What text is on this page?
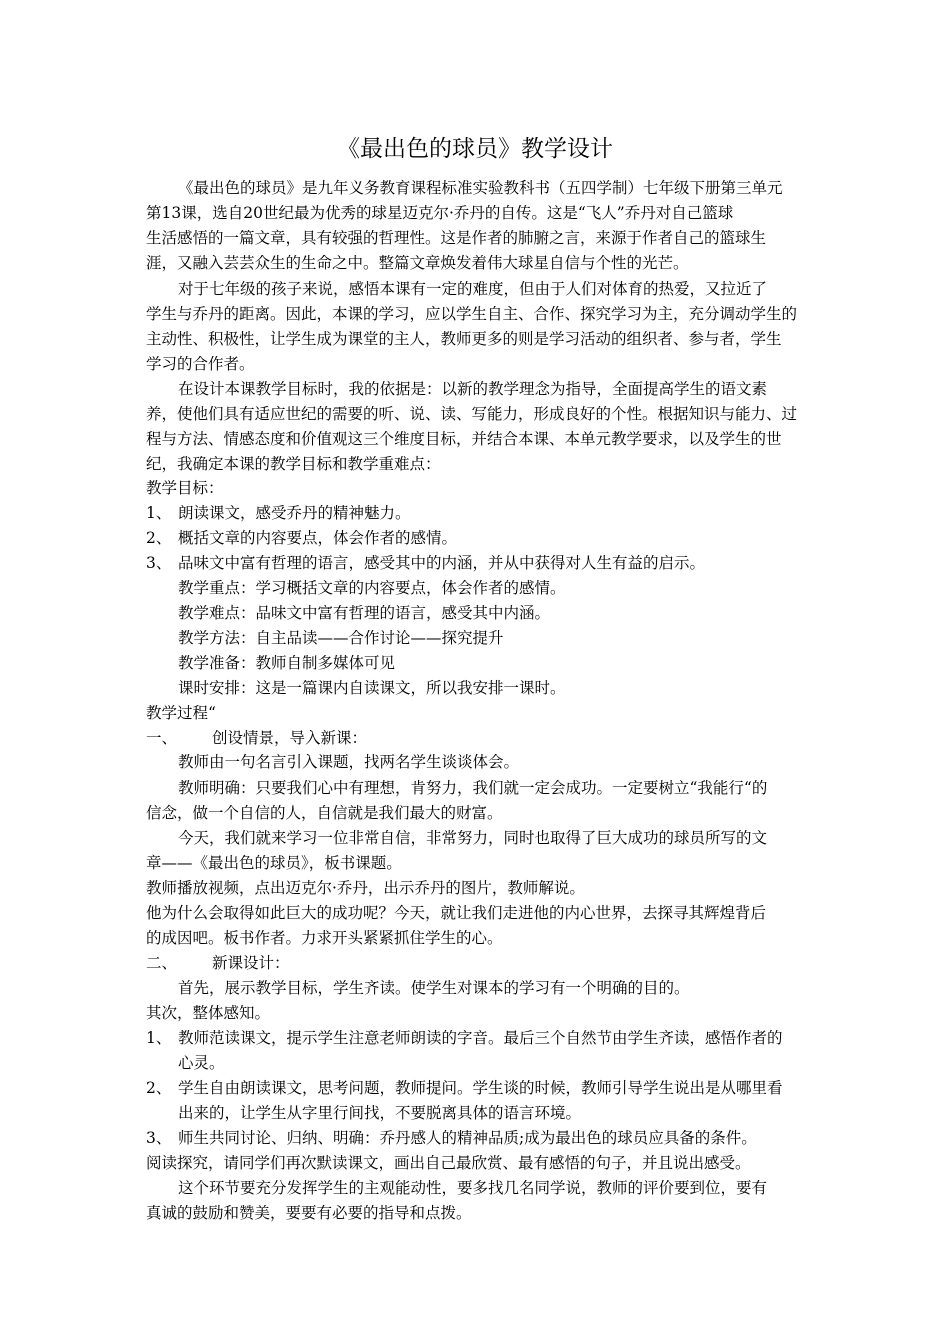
《最出色的球员》教学设计
《最出色的球员》是九年义务教育课程标准实验教科书（五四学制）七年级下册第三单元
第13课，选自20世纪最为优秀的球星迈克尔·乔丹的自传。这是“飞人”乔丹对自己篮球
生活感悟的一篇文章，具有较强的哲理性。这是作者的肺腑之言，来源于作者自己的篮球生
涯，又融入芸芸众生的生命之中。整篇文章焕发着伟大球星自信与个性的光芒。
对于七年级的孩子来说，感悟本课有一定的难度，但由于人们对体育的热爱，又拉近了
学生与乔丹的距离。因此，本课的学习，应以学生自主、合作、探究学习为主，充分调动学生的
主动性、积极性，让学生成为课堂的主人，教师更多的则是学习活动的组织者、参与者，学生
学习的合作者。
在设计本课教学目标时，我的依据是：以新的教学理念为指导，全面提高学生的语文素
养，使他们具有适应世纪的需要的听、说、读、写能力，形成良好的个性。根据知识与能力、过
程与方法、情感态度和价值观这三个维度目标，并结合本课、本单元教学要求，以及学生的世
纪，我确定本课的教学目标和教学重难点：
教学目标：
1、 朗读课文，感受乔丹的精神魅力。
2、 概括文章的内容要点，体会作者的感情。
3、 品味文中富有哲理的语言，感受其中的内涵，并从中获得对人生有益的启示。
教学重点：学习概括文章的内容要点，体会作者的感情。
教学难点：品味文中富有哲理的语言，感受其中内涵。
教学方法：自主品读——合作讨论——探究提升
教学准备：教师自制多媒体可见
课时安排：这是一篇课内自读课文，所以我安排一课时。
教学过程“
一、 创设情景，导入新课：
教师由一句名言引入课题，找两名学生谈谈体会。
教师明确：只要我们心中有理想，肯努力，我们就一定会成功。一定要树立“我能行“的
信念，做一个自信的人，自信就是我们最大的财富。
今天，我们就来学习一位非常自信，非常努力，同时也取得了巨大成功的球员所写的文
章——《最出色的球员》，板书课题。
教师播放视频，点出迈克尔·乔丹，出示乔丹的图片，教师解说。
他为什么会取得如此巨大的成功呢？今天，就让我们走进他的内心世界，去探寻其辉煌背后
的成因吧。板书作者。力求开头紧紧抓住学生的心。
二、 新课设计：
首先，展示教学目标，学生齐读。使学生对课本的学习有一个明确的目的。
其次，整体感知。
1、 教师范读课文，提示学生注意老师朗读的字音。最后三个自然节由学生齐读，感悟作者的
心灵。
2、 学生自由朗读课文，思考问题，教师提问。学生谈的时候，教师引导学生说出是从哪里看
出来的，让学生从字里行间找，不要脱离具体的语言环境。
3、 师生共同讨论、归纳、明确：乔丹感人的精神品质;成为最出色的球员应具备的条件。
阅读探究，请同学们再次默读课文，画出自己最欣赏、最有感悟的句子，并且说出感受。
这个环节要充分发挥学生的主观能动性，要多找几名同学说，教师的评价要到位，要有
真诚的鼓励和赞美，要要有必要的指导和点拨。
